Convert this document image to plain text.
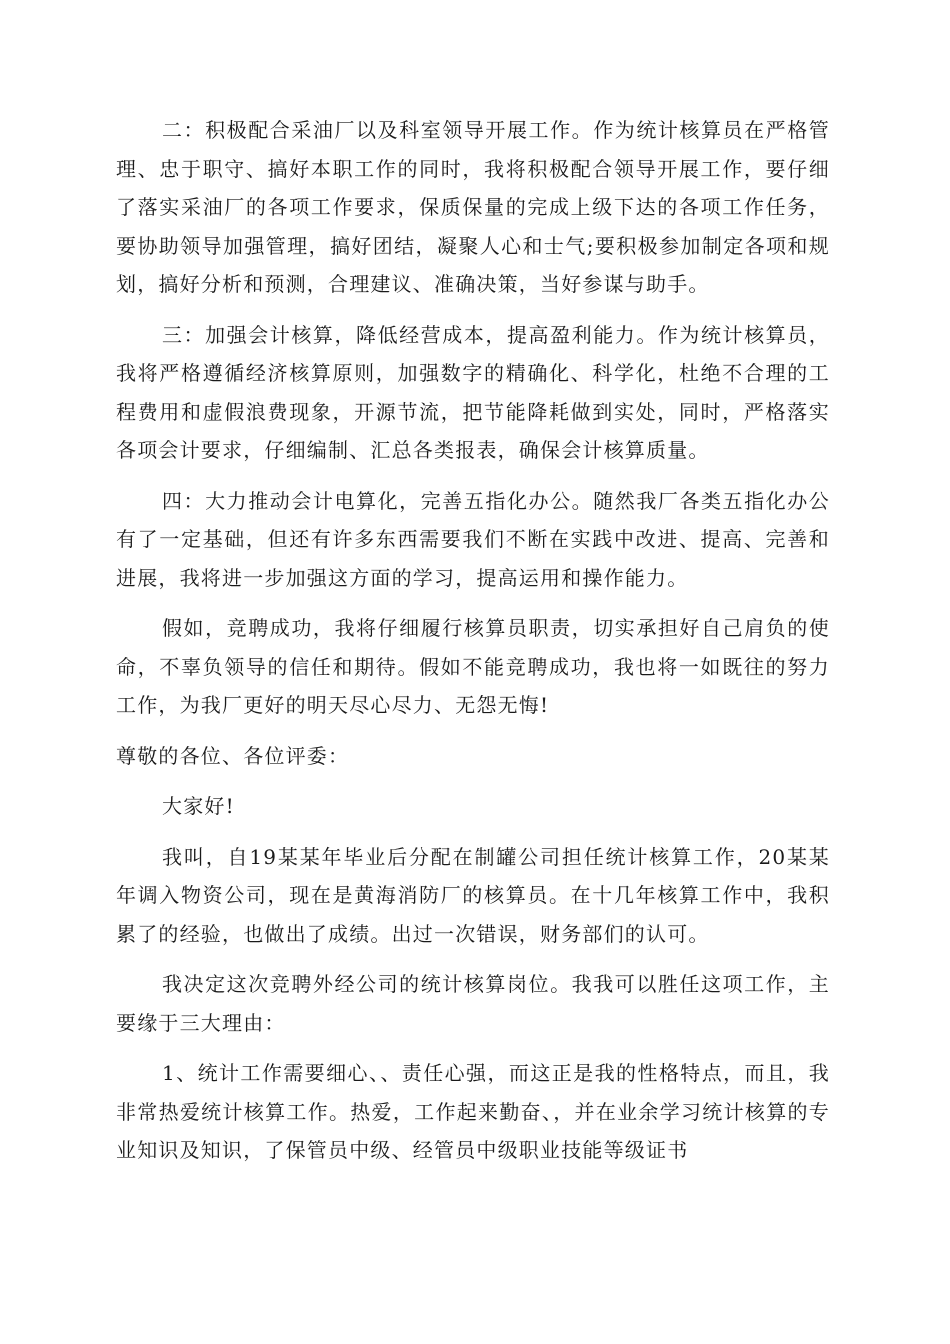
二：积极配合采油厂以及科室领导开展工作。作为统计核算员在严格管理、忠于职守、搞好本职工作的同时，我将积极配合领导开展工作，要仔细了落实采油厂的各项工作要求，保质保量的完成上级下达的各项工作任务，要协助领导加强管理，搞好团结，凝聚人心和士气;要积极参加制定各项和规划，搞好分析和预测，合理建议、准确决策，当好参谋与助手。

三：加强会计核算，降低经营成本，提高盈利能力。作为统计核算员，我将严格遵循经济核算原则，加强数字的精确化、科学化，杜绝不合理的工程费用和虚假浪费现象，开源节流，把节能降耗做到实处，同时，严格落实各项会计要求，仔细编制、汇总各类报表，确保会计核算质量。

四：大力推动会计电算化，完善五指化办公。随然我厂各类五指化办公有了一定基础，但还有许多东西需要我们不断在实践中改进、提高、完善和进展，我将进一步加强这方面的学习，提高运用和操作能力。

假如，竞聘成功，我将仔细履行核算员职责，切实承担好自己肩负的使命，不辜负领导的信任和期待。假如不能竞聘成功，我也将一如既往的努力工作，为我厂更好的明天尽心尽力、无怨无悔!

尊敬的各位、各位评委：

大家好!

我叫，自19某某年毕业后分配在制罐公司担任统计核算工作，20某某年调入物资公司，现在是黄海消防厂的核算员。在十几年核算工作中，我积累了的经验，也做出了成绩。出过一次错误，财务部们的认可。

我决定这次竞聘外经公司的统计核算岗位。我我可以胜任这项工作，主要缘于三大理由：

1、统计工作需要细心、、责任心强，而这正是我的性格特点，而且，我非常热爱统计核算工作。热爱，工作起来勤奋、，并在业余学习统计核算的专业知识及知识，了保管员中级、经管员中级职业技能等级证书
